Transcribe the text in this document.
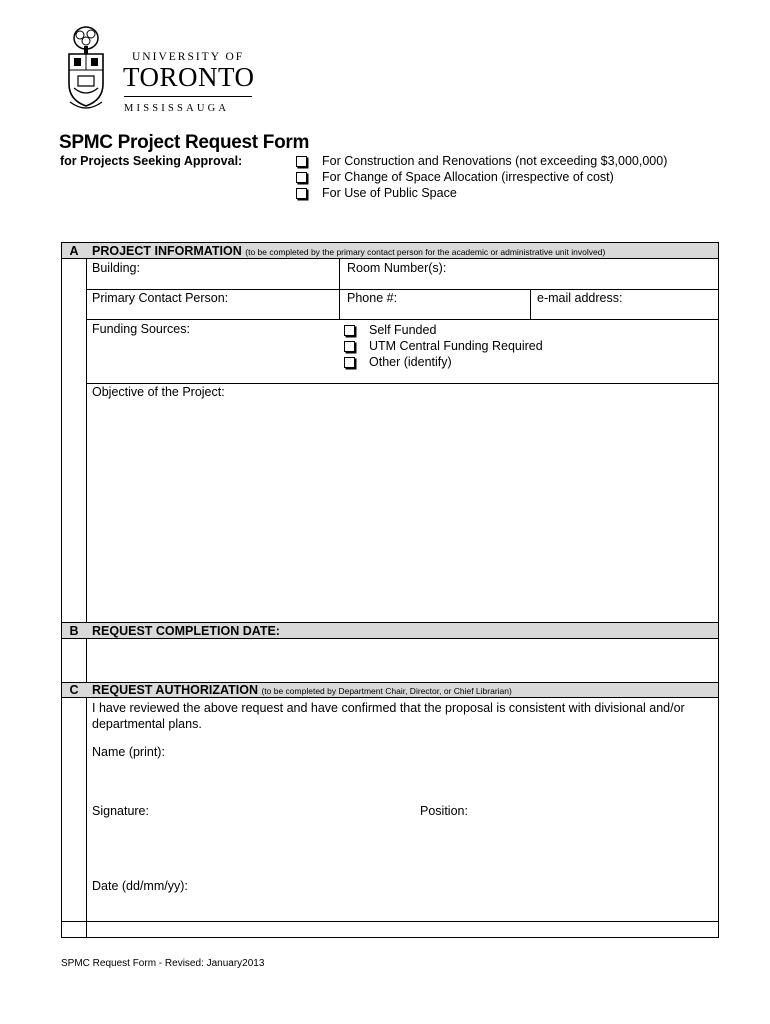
UNIVERSITY OF
TORONTO
MISSISSAUGA
SPMC Project Request Form
for Projects Seeking Approval:	For Construction and Renovations (not exceeding $3,000,000)
For Change of Space Allocation (irrespective of cost)
For Use of Public Space
A	PROJECT INFORMATION (to be completed by the primary contact person for the academic or administrative unit involved)
Building:	Room Number(s):
Primary Contact Person:	Phone #:	e-mail address:
Funding Sources:	Self Funded
UTM Central Funding Required
Other (identify)
Objective of the Project:
B	REQUEST COMPLETION DATE:
C	REQUEST AUTHORIZATION (to be completed by Department Chair, Director, or Chief Librarian)
I have reviewed the above request and have confirmed that the proposal is consistent with divisional and/or departmental plans.
Name (print):
Signature:	Position:
Date (dd/mm/yy):
SPMC Request Form - Revised: January2013
